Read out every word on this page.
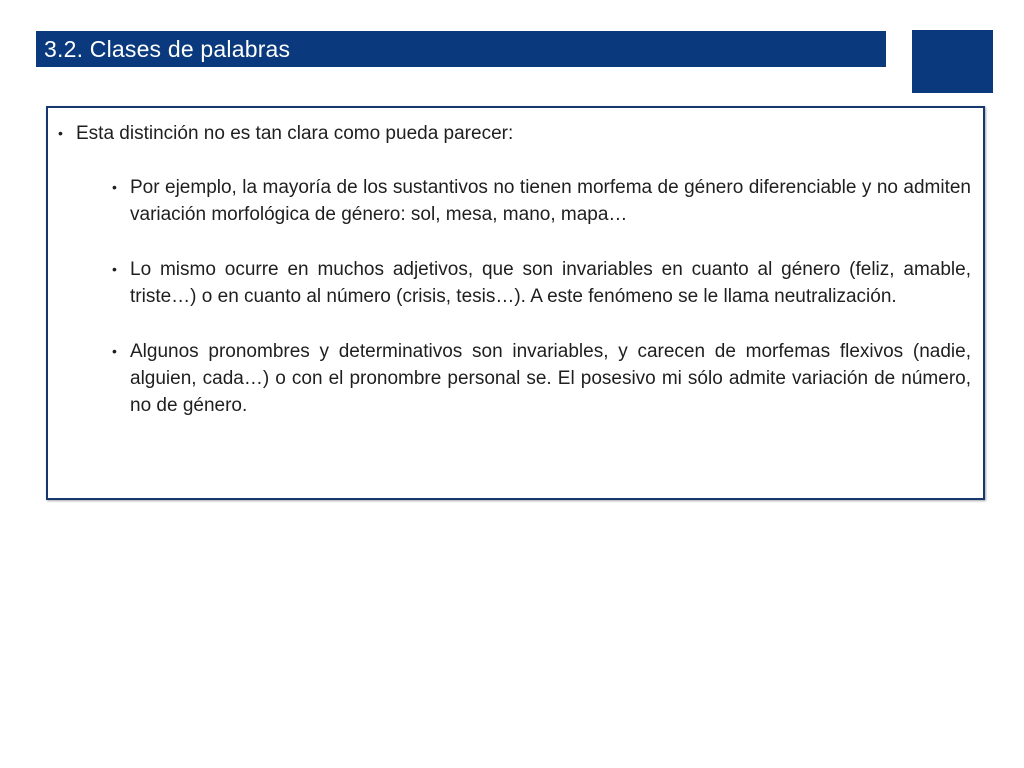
3.2. Clases de palabras
• Esta distinción no es tan clara como pueda parecer:
• Por ejemplo, la mayoría de los sustantivos no tienen morfema de género diferenciable y no admiten variación morfológica de género: sol, mesa, mano, mapa…
• Lo mismo ocurre en muchos adjetivos, que son invariables en cuanto al género (feliz, amable, triste…) o en cuanto al número (crisis, tesis…). A este fenómeno se le llama neutralización.
• Algunos pronombres y determinativos son invariables, y carecen de morfemas flexivos (nadie, alguien, cada…) o con el pronombre personal se. El posesivo mi sólo admite variación de número, no de género.
